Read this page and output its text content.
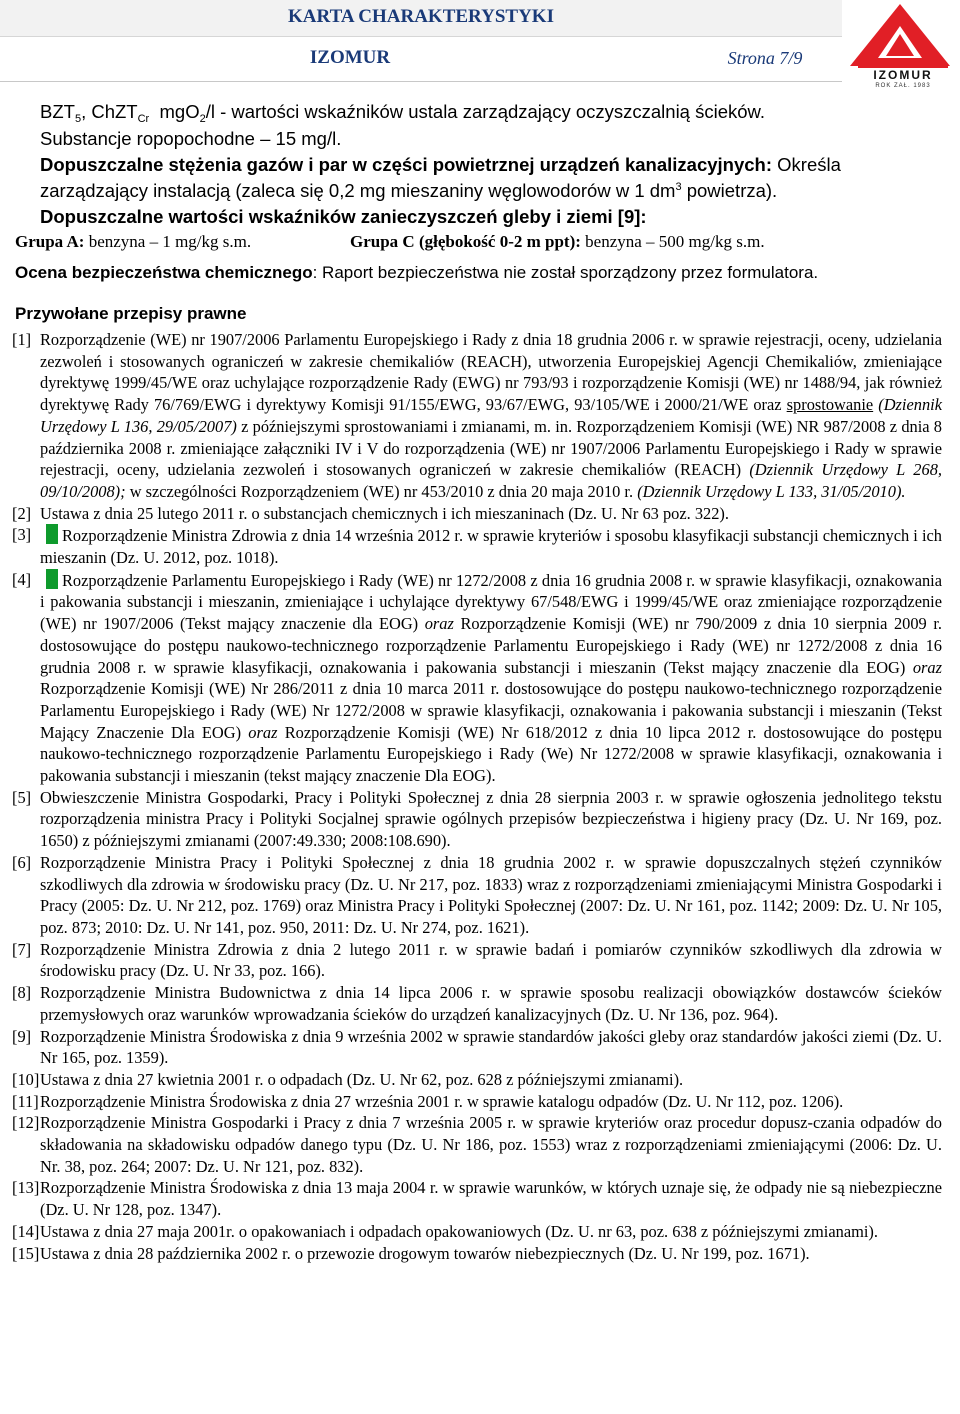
KARTA CHARAKTERYSTYKI
IZOMUR	Strona 7/9
IZOMUR
ROK ZAŁ. 1983
$BZT_5$, ChZT$_{Cr}$  mgO$_2$/l - wartości wskaźników ustala zarządzający oczyszczalnią ścieków.
Substancje ropopochodne – 15 mg/l.
Dopuszczalne stężenia gazów i par w części powietrznej urządzeń kanalizacyjnych: Określa
zarządzający instalacją (zaleca się 0,2 mg mieszaniny węglowodorów w 1 $dm^3$ powietrza).
Dopuszczalne wartości wskaźników zanieczyszczeń gleby i ziemi [9]:
Grupa A: benzyna – 1 mg/kg s.m.	Grupa C (głębokość 0-2 m ppt): benzyna – 500 mg/kg s.m.
Ocena bezpieczeństwa chemicznego: Raport bezpieczeństwa nie został sporządzony przez formulatora.
Przywołane przepisy prawne

[1] Rozporządzenie (WE) nr 1907/2006 Parlamentu Europejskiego i Rady z dnia 18 grudnia 2006 r. w sprawie rejestracji, oceny, udzielania zezwoleń i stosowanych ograniczeń w zakresie chemikaliów (REACH), utworzenia Europejskiej Agencji Chemikaliów, zmieniające dyrektywę 1999/45/WE oraz uchylające rozporządzenie Rady (EWG) nr 793/93 i rozporządzenie Komisji (WE) nr 1488/94, jak również dyrektywę Rady 76/769/EWG i dyrektywy Komisji 91/155/EWG, 93/67/EWG, 93/105/WE i 2000/21/WE oraz sprostowanie (Dziennik Urzędowy L 136, 29/05/2007) z późniejszymi sprostowaniami i zmianami, m. in. Rozporządzeniem Komisji (WE) NR 987/2008 z dnia 8 października 2008 r. zmieniające załączniki IV i V do rozporządzenia (WE) nr 1907/2006 Parlamentu Europejskiego i Rady w sprawie rejestracji, oceny, udzielania zezwoleń i stosowanych ograniczeń w zakresie chemikaliów (REACH) (Dziennik Urzędowy L 268, 09/10/2008); w szczególności Rozporządzeniem (WE) nr 453/2010 z dnia 20 maja 2010 r. (Dziennik Urzędowy L 133, 31/05/2010).

[2] Ustawa z dnia 25 lutego 2011 r. o substancjach chemicznych i ich mieszaninach (Dz. U. Nr 63 poz. 322).

[3] Rozporządzenie Ministra Zdrowia z dnia 14 września 2012 r. w sprawie kryteriów i sposobu klasyfikacji substancji chemicznych i ich mieszanin (Dz. U. 2012, poz. 1018).

[4] Rozporządzenie Parlamentu Europejskiego i Rady (WE) nr 1272/2008 z dnia 16 grudnia 2008 r. w sprawie klasyfikacji, oznakowania i pakowania substancji i mieszanin, zmieniające i uchylające dyrektywy 67/548/EWG i 1999/45/WE oraz zmieniające rozporządzenie (WE) nr 1907/2006 (Tekst mający znaczenie dla EOG) oraz Rozporządzenie Komisji (WE) nr 790/2009 z dnia 10 sierpnia 2009 r. dostosowujące do postępu naukowo-technicznego rozporządzenie Parlamentu Europejskiego i Rady (WE) nr 1272/2008 z dnia 16 grudnia 2008 r. w sprawie klasyfikacji, oznakowania i pakowania substancji i mieszanin (Tekst mający znaczenie dla EOG) oraz Rozporządzenie Komisji (WE) Nr 286/2011 z dnia 10 marca 2011 r. dostosowujące do postępu naukowo-technicznego rozporządzenie Parlamentu Europejskiego i Rady (WE) Nr 1272/2008 w sprawie klasyfikacji, oznakowania i pakowania substancji i mieszanin (Tekst Mający Znaczenie Dla EOG) oraz Rozporządzenie Komisji (WE) Nr 618/2012 z dnia 10 lipca 2012 r. dostosowujące do postępu naukowo-technicznego rozporządzenie Parlamentu Europejskiego i Rady (We) Nr 1272/2008 w sprawie klasyfikacji, oznakowania i pakowania substancji i mieszanin (tekst mający znaczenie Dla EOG).

[5] Obwieszczenie Ministra Gospodarki, Pracy i Polityki Społecznej z dnia 28 sierpnia 2003 r. w sprawie ogłoszenia jednolitego tekstu rozporządzenia ministra Pracy i Polityki Socjalnej sprawie ogólnych przepisów bezpieczeństwa i higieny pracy (Dz. U. Nr 169, poz. 1650) z późniejszymi zmianami (2007:49.330; 2008:108.690).

[6] Rozporządzenie Ministra Pracy i Polityki Społecznej z dnia 18 grudnia 2002 r. w sprawie dopuszczalnych stężeń czynników szkodliwych dla zdrowia w środowisku pracy (Dz. U. Nr 217, poz. 1833) wraz z rozporządzeniami zmieniającymi Ministra Gospodarki i Pracy (2005: Dz. U. Nr 212, poz. 1769) oraz Ministra Pracy i Polityki Społecznej (2007: Dz. U. Nr 161, poz. 1142; 2009: Dz. U. Nr 105, poz. 873; 2010: Dz. U. Nr 141, poz. 950, 2011: Dz. U. Nr 274, poz. 1621).

[7] Rozporządzenie Ministra Zdrowia z dnia 2 lutego 2011 r. w sprawie badań i pomiarów czynników szkodliwych dla zdrowia w środowisku pracy (Dz. U. Nr 33, poz. 166).

[8] Rozporządzenie Ministra Budownictwa z dnia 14 lipca 2006 r. w sprawie sposobu realizacji obowiązków dostawców ścieków przemysłowych oraz warunków wprowadzania ścieków do urządzeń kanalizacyjnych (Dz. U. Nr 136, poz. 964).

[9] Rozporządzenie Ministra Środowiska z dnia 9 września 2002 w sprawie standardów jakości gleby oraz standardów jakości ziemi (Dz. U. Nr 165, poz. 1359).

[10] Ustawa z dnia 27 kwietnia 2001 r. o odpadach (Dz. U. Nr 62, poz. 628 z późniejszymi zmianami).

[11] Rozporządzenie Ministra Środowiska z dnia 27 września 2001 r. w sprawie katalogu odpadów (Dz. U. Nr 112, poz. 1206).

[12] Rozporządzenie Ministra Gospodarki i Pracy z dnia 7 września 2005 r. w sprawie kryteriów oraz procedur dopusz-czania odpadów do składowania na składowisku odpadów danego typu (Dz. U. Nr 186, poz. 1553) wraz z rozporządzeniami zmieniającymi (2006: Dz. U. Nr. 38, poz. 264; 2007: Dz. U. Nr 121, poz. 832).

[13] Rozporządzenie Ministra Środowiska z dnia 13 maja 2004 r. w sprawie warunków, w których uznaje się, że odpady nie są niebezpieczne (Dz. U. Nr 128, poz. 1347).

[14] Ustawa z dnia 27 maja 2001r. o opakowaniach i odpadach opakowaniowych (Dz. U. nr 63, poz. 638 z późniejszymi zmianami).

[15] Ustawa z dnia 28 października 2002 r. o przewozie drogowym towarów niebezpiecznych (Dz. U. Nr 199, poz. 1671).
